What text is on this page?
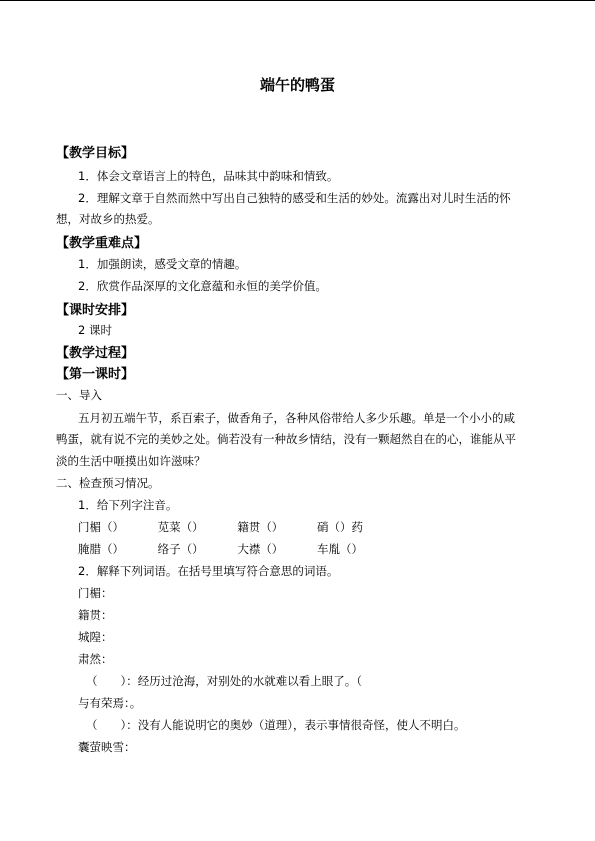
端午的鸭蛋
【教学目标】
1．体会文章语言上的特色，品味其中韵味和情致。
2．理解文章于自然而然中写出自己独特的感受和生活的妙处。流露出对儿时生活的怀
想，对故乡的热爱。
【教学重难点】
1．加强朗读，感受文章的情趣。
2．欣赏作品深厚的文化意蕴和永恒的美学价值。
【课时安排】
2 课时
【教学过程】
【第一课时】
一、导入
五月初五端午节，系百索子，做香角子，各种风俗带给人多少乐趣。单是一个小小的咸
鸭蛋，就有说不完的美妙之处。倘若没有一种故乡情结，没有一颗超然自在的心，谁能从平
淡的生活中咂摸出如许滋味？
二、检查预习情况。
1．给下列字注音。
门楣（）	苋菜（）	籍贯（）	硝（）药
腌腊（）	络子（）	大襟（）	车胤（）
2．解释下列词语。在括号里填写符合意思的词语。
门楣：
籍贯：
城隍：
肃然：
（　　）：经历过沧海，对别处的水就难以看上眼了。（
与有荣焉：。
（　　）：没有人能说明它的奥妙（道理），表示事情很奇怪，使人不明白。
囊萤映雪：
